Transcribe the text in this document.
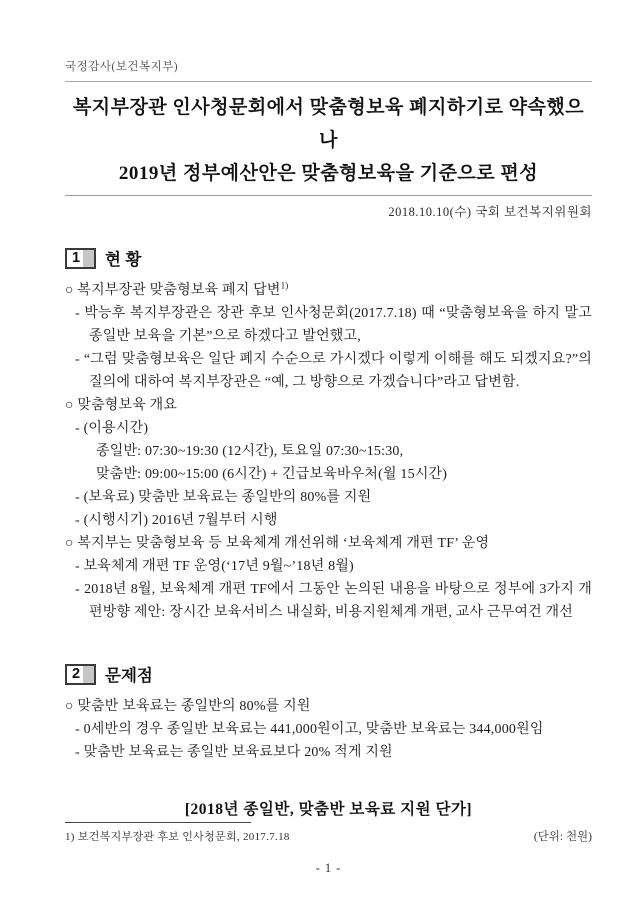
국정감사(보건복지부)
복지부장관 인사청문회에서 맞춤형보육 폐지하기로 약속했으나
2019년 정부예산안은 맞춤형보육을 기준으로 편성
2018.10.10(수) 국회 보건복지위원회
1 현 황
○ 복지부장관 맞춤형보육 폐지 답변$^{1)}$
- 박능후 복지부장관은 장관 후보 인사청문회(2017.7.18) 때 “맞춤형보육을 하지 말고 종일반 보육을 기본”으로 하겠다고 발언했고,
- “그럼 맞춤형보육은 일단 폐지 수순으로 가시겠다 이렇게 이해를 해도 되겠지요?”의 질의에 대하여 복지부장관은 “예, 그 방향으로 가겠습니다”라고 답변함.
○ 맞춤형보육 개요
- (이용시간)
종일반: 07:30~19:30 (12시간), 토요일 07:30~15:30,
맞춤반: 09:00~15:00 (6시간) + 긴급보육바우처(월 15시간)
- (보육료) 맞춤반 보육료는 종일반의 80%를 지원
- (시행시기) 2016년 7월부터 시행
○ 복지부는 맞춤형보육 등 보육체계 개선위해 ‘보육체계 개편 TF’ 운영
- 보육체계 개편 TF 운영(‘17년 9월~’18년 8월)
- 2018년 8월, 보육체계 개편 TF에서 그동안 논의된 내용을 바탕으로 정부에 3가지 개편방향 제안: 장시간 보육서비스 내실화, 비용지원체계 개편, 교사 근무여건 개선
2 문제점
○ 맞춤반 보육료는 종일반의 80%를 지원
- 0세반의 경우 종일반 보육료는 441,000원이고, 맞춤반 보육료는 344,000원임
- 맞춤반 보육료는 종일반 보육료보다 20% 적게 지원
[2018년 종일반, 맞춤반 보육료 지원 단가]
(단위: 천원)
1) 보건복지부장관 후보 인사청문회, 2017.7.18
- 1 -
